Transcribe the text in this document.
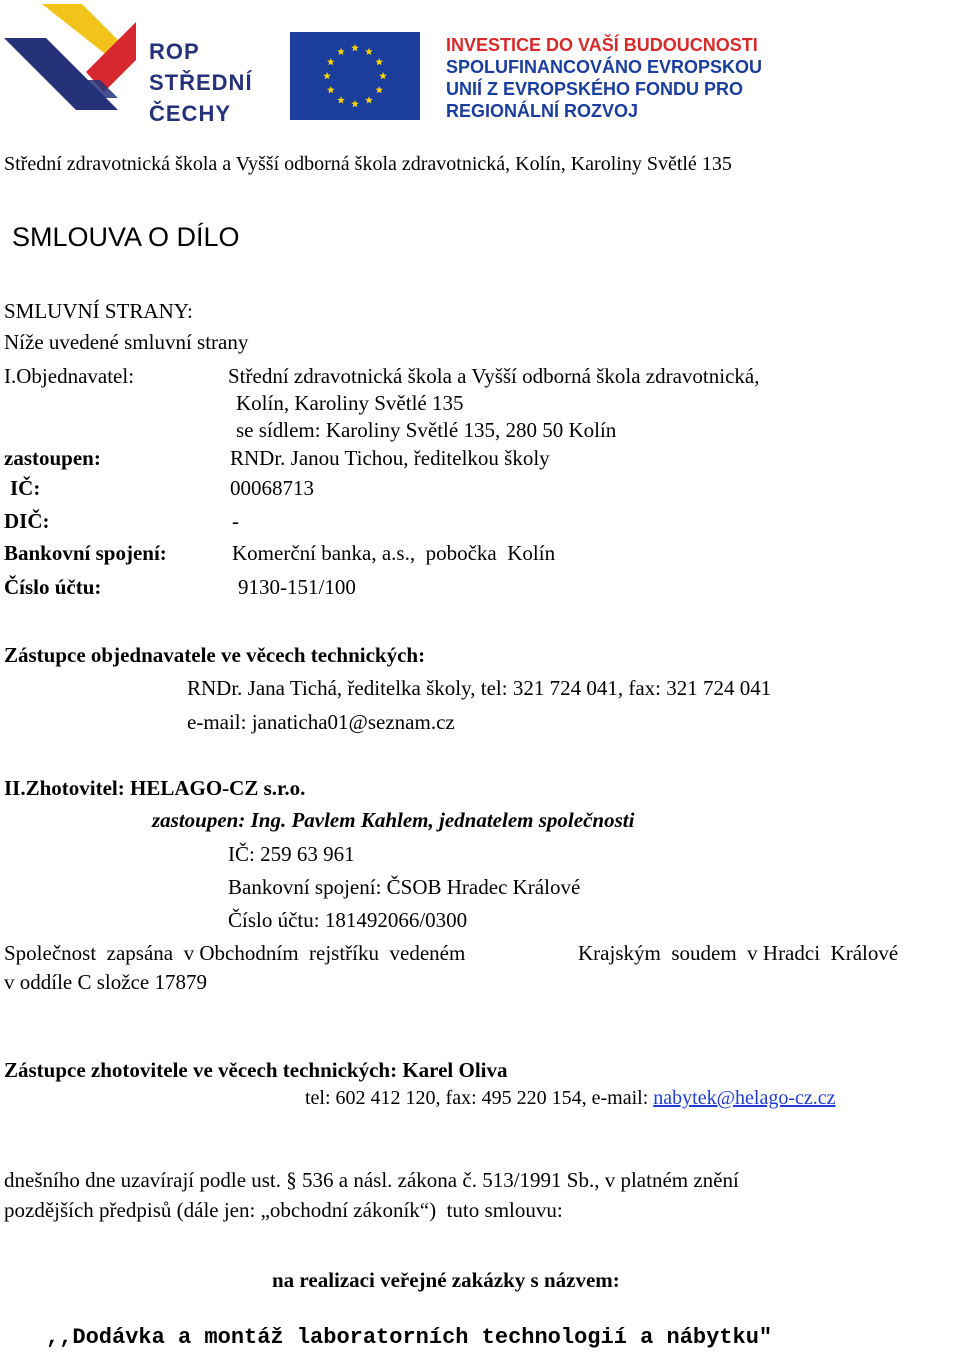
ROP
STŘEDNÍ
ČECHY
INVESTICE DO VAŠÍ BUDOUCNOSTI
SPOLUFINANCOVÁNO EVROPSKOU
UNIÍ Z EVROPSKÉHO FONDU PRO
REGIONÁLNÍ ROZVOJ
Střední zdravotnická škola a Vyšší odborná škola zdravotnická, Kolín, Karoliny Světlé 135
SMLOUVA O DÍLO
SMLUVNÍ STRANY:
Níže uvedené smluvní strany
I.Objednavatel:	Střední zdravotnická škola a Vyšší odborná škola zdravotnická,
Kolín, Karoliny Světlé 135
se sídlem: Karoliny Světlé 135, 280 50 Kolín
zastoupen:	RNDr. Janou Tichou, ředitelkou školy
IČ:	00068713
DIČ:	-
Bankovní spojení:	Komerční banka, a.s.,  pobočka  Kolín
Číslo účtu:	9130-151/100
Zástupce objednavatele ve věcech technických:
RNDr. Jana Tichá, ředitelka školy, tel: 321 724 041, fax: 321 724 041
e-mail: janaticha01@seznam.cz
II.Zhotovitel: HELAGO-CZ s.r.o.
zastoupen: Ing. Pavlem Kahlem, jednatelem společnosti
IČ: 259 63 961
Bankovní spojení: ČSOB Hradec Králové
Číslo účtu: 181492066/0300
Společnost  zapsána  v Obchodním  rejstříku  vedeném	Krajským  soudem  v Hradci  Králové
v oddíle C složce 17879
Zástupce zhotovitele ve věcech technických: Karel Oliva
tel: 602 412 120, fax: 495 220 154, e-mail: nabytek@helago-cz.cz
dnešního dne uzavírají podle ust. § 536 a násl. zákona č. 513/1991 Sb., v platném znění
pozdějších předpisů (dále jen: „obchodní zákoník“)  tuto smlouvu:
na realizaci veřejné zakázky s názvem:
,,Dodávka a montáž laboratorních technologií a nábytku"
